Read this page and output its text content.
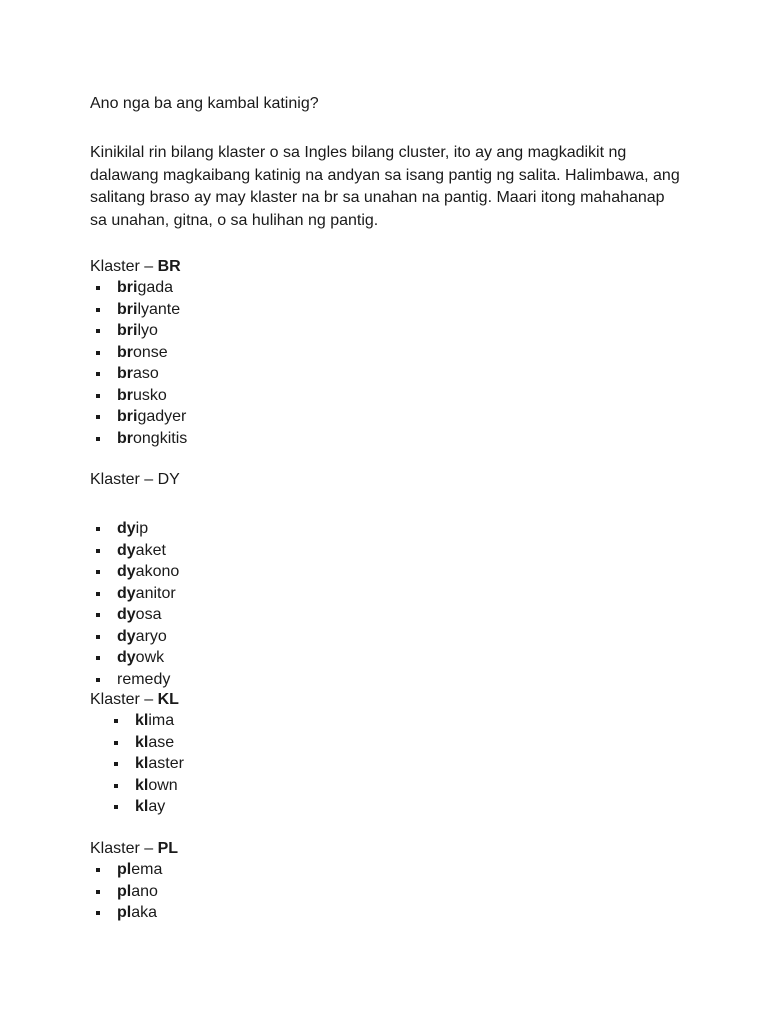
Ano nga ba ang kambal katinig?
Kinikilal rin bilang klaster o sa Ingles bilang cluster, ito ay ang magkadikit ng
dalawang magkaibang katinig na andyan sa isang pantig ng salita. Halimbawa, ang
salitang braso ay may klaster na br sa unahan na pantig. Maari itong mahahanap
sa unahan, gitna, o sa hulihan ng pantig.
Klaster – BR
brigada
brilyante
brilyo
bronse
braso
brusko
brigadyer
brongkitis
Klaster – DY
dyip
dyaket
dyakono
dyanitor
dyosa
dyaryo
dyowk
remedy
Klaster – KL
klima
klase
klaster
klown
klay
Klaster – PL
plema
plano
plaka
